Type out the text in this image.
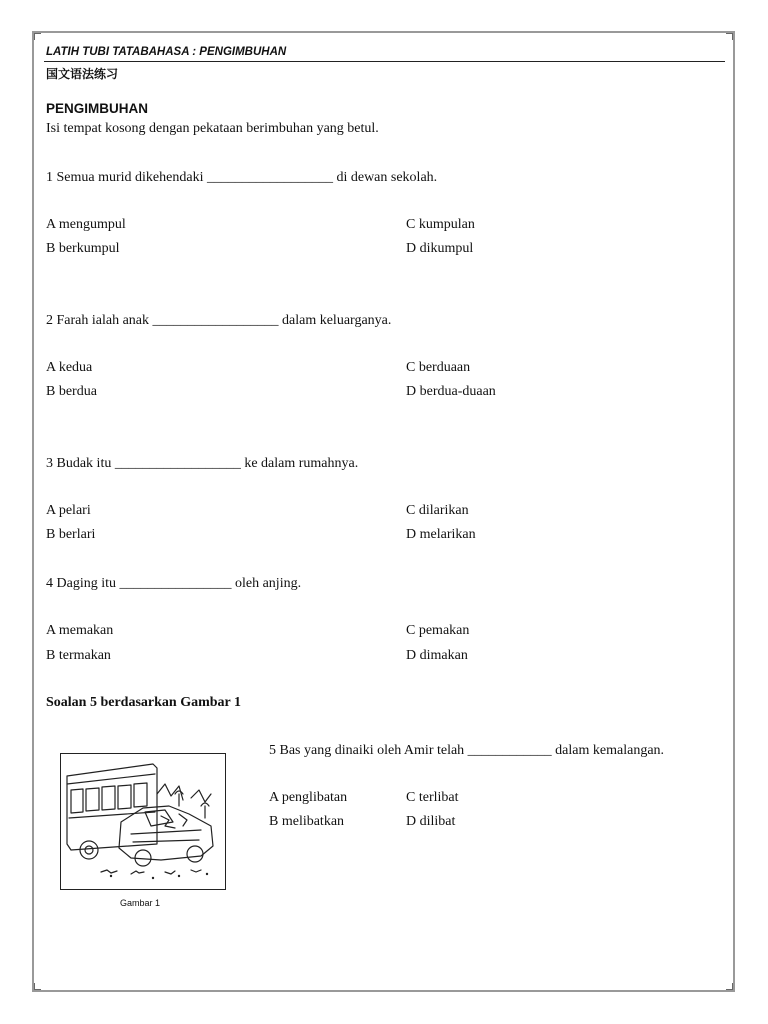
LATIH TUBI TATABAHASA : PENGIMBUHAN
国文语法练习
PENGIMBUHAN
Isi tempat kosong dengan pekataan berimbuhan yang betul.
1 Semua murid dikehendaki __________________ di dewan sekolah.
A mengumpul
B berkumpul
C kumpulan
D dikumpul
2 Farah ialah anak __________________ dalam keluarganya.
A kedua
B berdua
C berduaan
D berdua-duaan
3 Budak itu __________________ ke dalam rumahnya.
A pelari
B berlari
C dilarikan
D melarikan
4 Daging itu ________________ oleh anjing.
A memakan
B termakan
C pemakan
D dimakan
Soalan 5 berdasarkan Gambar 1
Gambar 1
5 Bas yang dinaiki oleh Amir telah ____________ dalam kemalangan.
A penglibatan
B melibatkan
C terlibat
D dilibat
